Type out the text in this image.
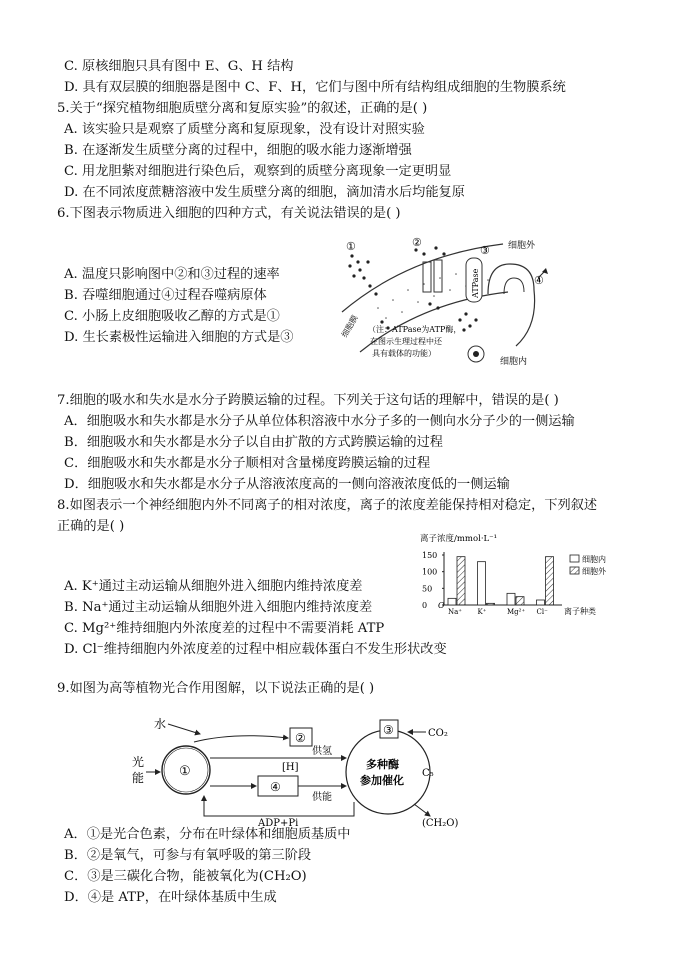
C. 原核细胞只具有图中 E、G、H 结构
D. 具有双层膜的细胞器是图中 C、F、H，它们与图中所有结构组成细胞的生物膜系统
5.关于“探究植物细胞质壁分离和复原实验”的叙述，正确的是( )
A. 该实验只是观察了质壁分离和复原现象，没有设计对照实验
B. 在逐渐发生质壁分离的过程中，细胞的吸水能力逐渐增强
C. 用龙胆紫对细胞进行染色后，观察到的质壁分离现象一定更明显
D. 在不同浓度蔗糖溶液中发生质壁分离的细胞，滴加清水后均能复原
6.下图表示物质进入细胞的四种方式，有关说法错误的是( )
A. 温度只影响图中②和③过程的速率
B. 吞噬细胞通过④过程吞噬病原体
C. 小肠上皮细胞吸收乙醇的方式是①
D. 生长素极性运输进入细胞的方式是③
①	②
ATPase
③
④
细胞外
细胞内
细胞膜 （注：ATPase为ATP酶，
在图示生理过程中还
具有载体的功能）
7.细胞的吸水和失水是水分子跨膜运输的过程。下列关于这句话的理解中，错误的是( )
A．细胞吸水和失水都是水分子从单位体积溶液中水分子多的一侧向水分子少的一侧运输
B．细胞吸水和失水都是水分子以自由扩散的方式跨膜运输的过程
C．细胞吸水和失水都是水分子顺相对含量梯度跨膜运输的过程
D．细胞吸水和失水都是水分子从溶液浓度高的一侧向溶液浓度低的一侧运输
8.如图表示一个神经细胞内外不同离子的相对浓度，离子的浓度差能保持相对稳定，下列叙述
正确的是( )
A. K⁺通过主动运输从细胞外进入细胞内维持浓度差
B. Na⁺通过主动运输从细胞外进入细胞内维持浓度差
C. Mg²⁺维持细胞内外浓度差的过程中不需要消耗 ATP
D. Cl⁻维持细胞内外浓度差的过程中相应载体蛋白不发生形状改变
离子浓度/mmol·L⁻¹
O
150
100
50
0
Na⁺ K⁺	Mg²⁺ Cl⁻ 离子种类
细胞内
细胞外
9.如图为高等植物光合作用图解，以下说法正确的是( )
水
光
能	①
②
[H]
供氢
④
供能
ADP+Pi
③
多种酶
参加催化
CO₂
C₅
(CH₂O)
A．①是光合色素，分布在叶绿体和细胞质基质中
B．②是氧气，可参与有氧呼吸的第三阶段
C．③是三碳化合物，能被氧化为(CH₂O)
D．④是 ATP，在叶绿体基质中生成
